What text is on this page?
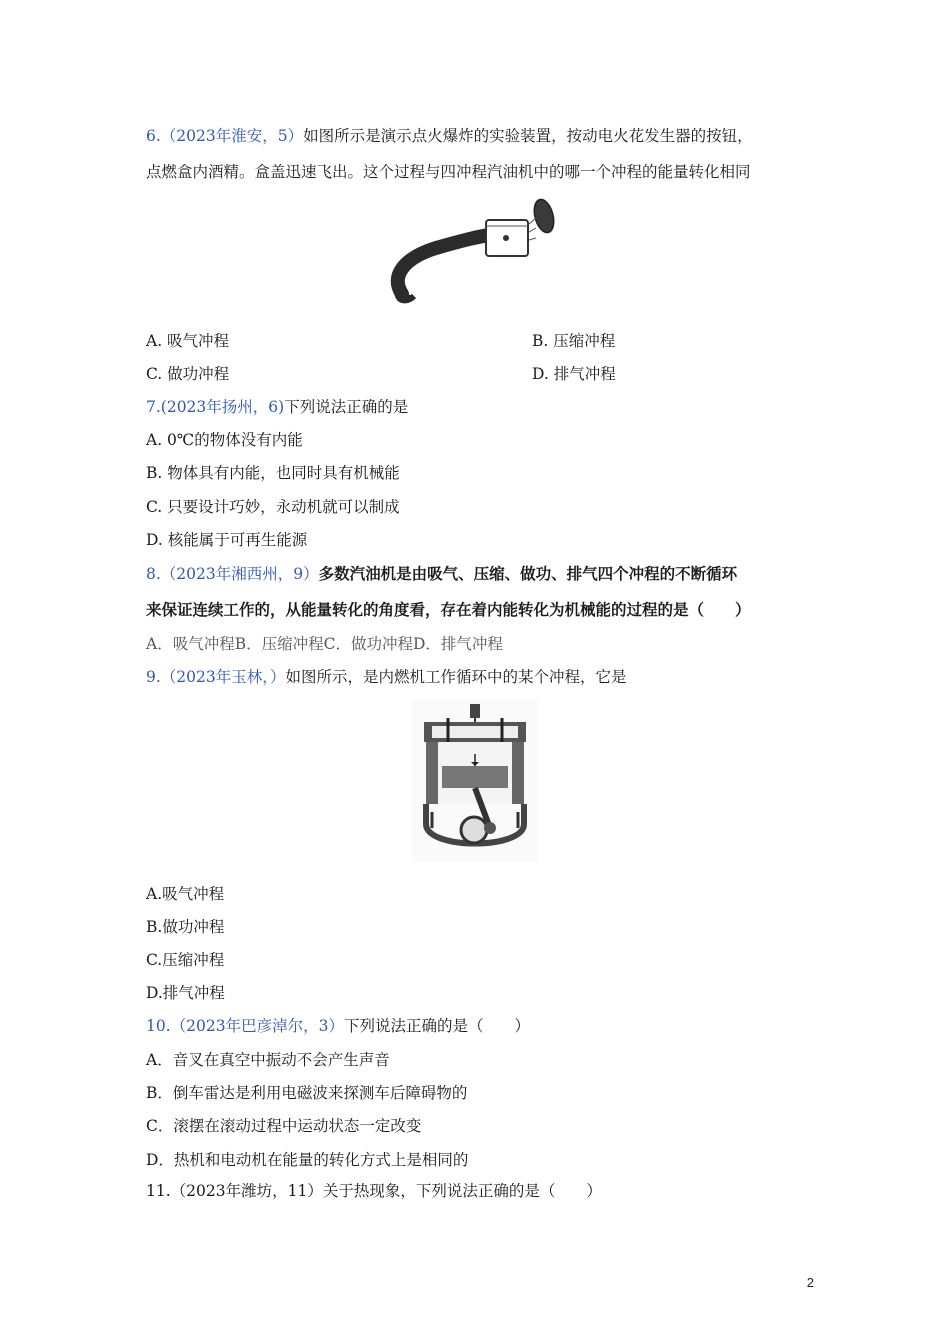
6.（2023年淮安，5）如图所示是演示点火爆炸的实验装置，按动电火花发生器的按钮，
点燃盒内酒精。盒盖迅速飞出。这个过程与四冲程汽油机中的哪一个冲程的能量转化相同
A. 吸气冲程	B. 压缩冲程
C. 做功冲程	D. 排气冲程
7.(2023年扬州，6)下列说法正确的是
A. 0℃的物体没有内能
B. 物体具有内能，也同时具有机械能
C. 只要设计巧妙，永动机就可以制成
D. 核能属于可再生能源
8.（2023年湘西州，9）多数汽油机是由吸气、压缩、做功、排气四个冲程的不断循环
来保证连续工作的，从能量转化的角度看，存在着内能转化为机械能的过程的是（　　）
A．吸气冲程B．压缩冲程C．做功冲程D．排气冲程
9.（2023年玉林，）如图所示，是内燃机工作循环中的某个冲程，它是
A.吸气冲程
B.做功冲程
C.压缩冲程
D.排气冲程
10.（2023年巴彦淖尔，3）下列说法正确的是（　　）
A．音叉在真空中振动不会产生声音
B．倒车雷达是利用电磁波来探测车后障碍物的
C．滚摆在滚动过程中运动状态一定改变
D．热机和电动机在能量的转化方式上是相同的
11.（2023年潍坊，11）关于热现象，下列说法正确的是（　　）
2
